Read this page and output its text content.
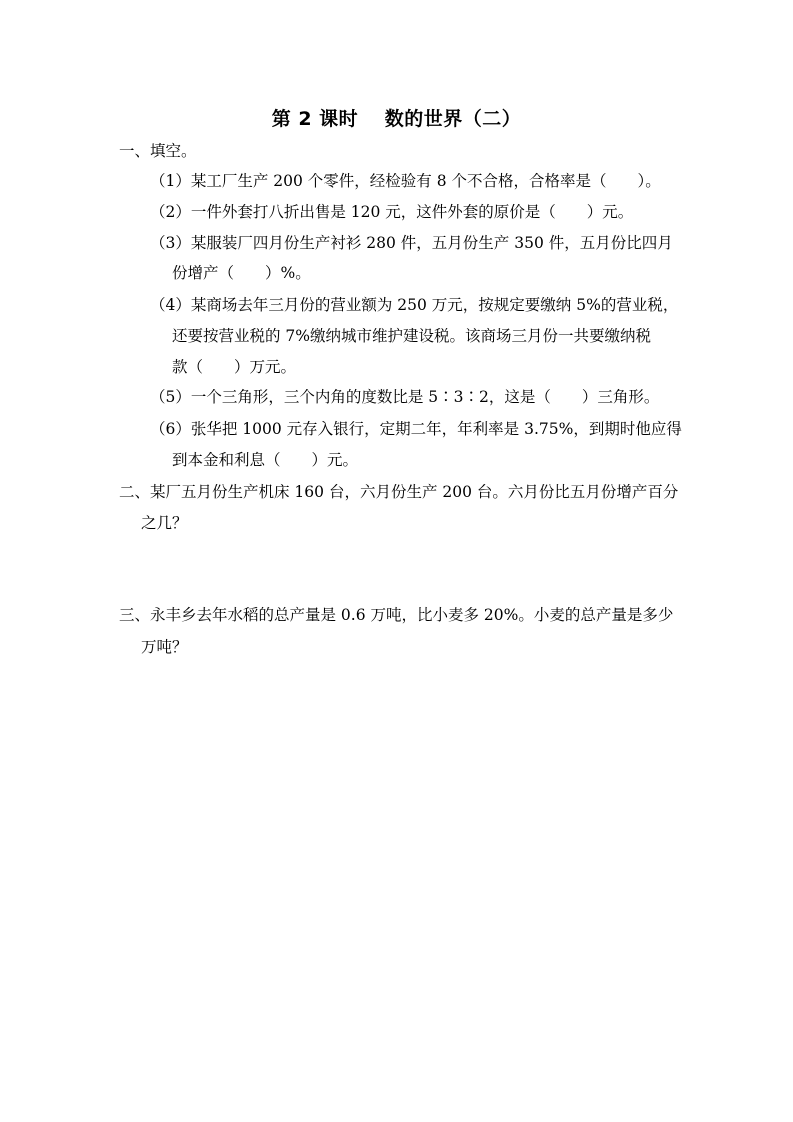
第 2 课时　 数的世界（二）
一、填空。
（1）某工厂生产 200 个零件，经检验有 8 个不合格，合格率是（　　）。
（2）一件外套打八折出售是 120 元，这件外套的原价是（　　）元。
（3）某服装厂四月份生产衬衫 280 件，五月份生产 350 件，五月份比四月
份增产（　　）%。
（4）某商场去年三月份的营业额为 250 万元，按规定要缴纳 5%的营业税，
还要按营业税的 7%缴纳城市维护建设税。该商场三月份一共要缴纳税
款（　　）万元。
（5）一个三角形，三个内角的度数比是 5∶3∶2，这是（　　）三角形。
（6）张华把 1000 元存入银行，定期二年，年利率是 3.75%，到期时他应得
到本金和利息（　　）元。
二、某厂五月份生产机床 160 台，六月份生产 200 台。六月份比五月份增产百分
之几？
三、永丰乡去年水稻的总产量是 0.6 万吨，比小麦多 20%。小麦的总产量是多少
万吨？
